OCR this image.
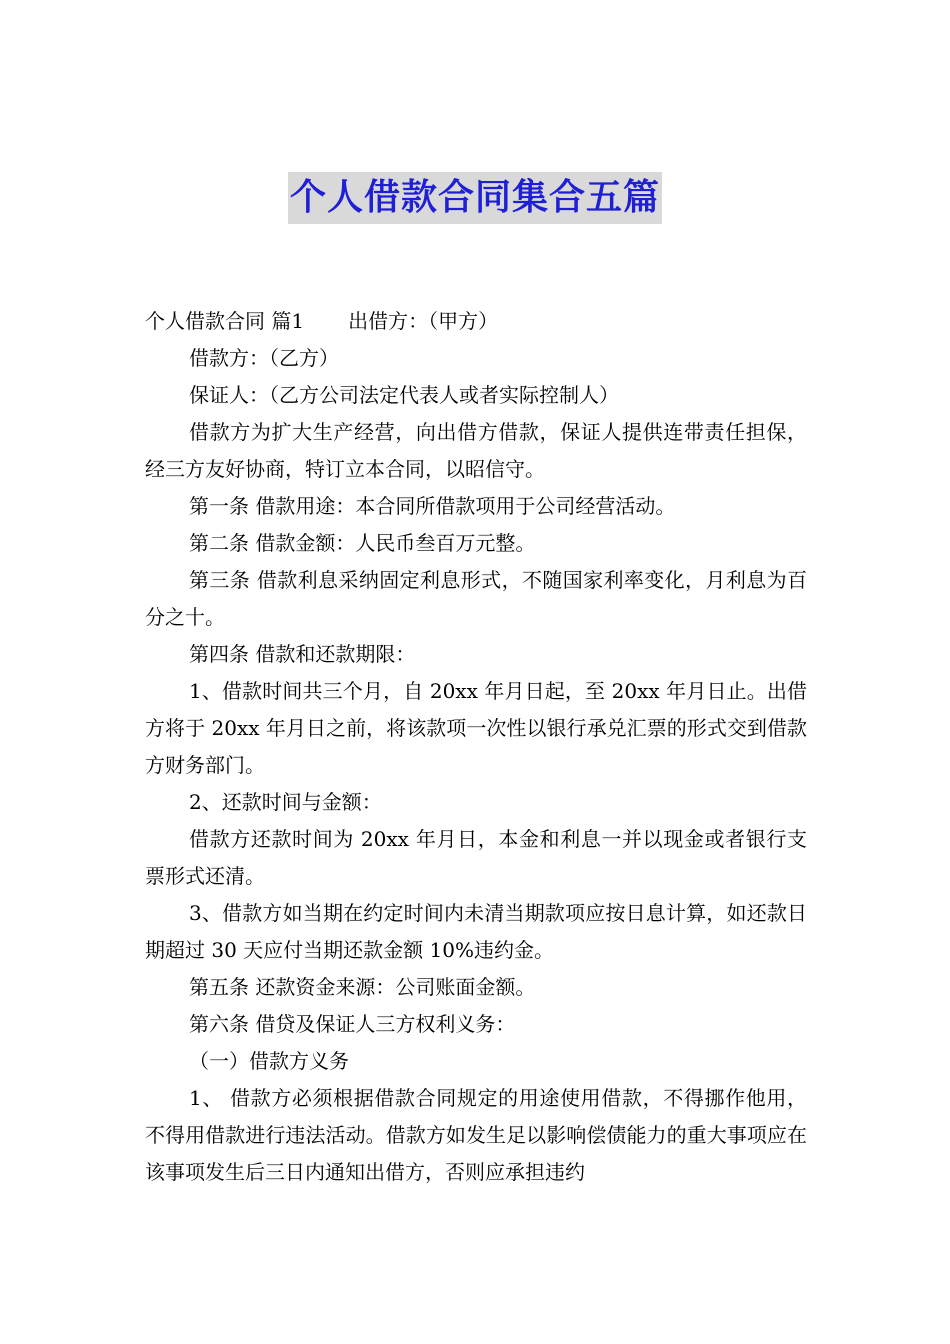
个人借款合同集合五篇

个人借款合同 篇1 出借方：（甲方）

借款方：（乙方）

保证人：（乙方公司法定代表人或者实际控制人）

借款方为扩大生产经营，向出借方借款，保证人提供连带责任担保，经三方友好协商，特订立本合同，以昭信守。

第一条 借款用途：本合同所借款项用于公司经营活动。

第二条 借款金额：人民币叁百万元整。

第三条 借款利息采纳固定利息形式，不随国家利率变化，月利息为百分之十。

第四条 借款和还款期限：

1、借款时间共三个月，自 20xx 年月日起，至 20xx 年月日止。出借方将于 20xx 年月日之前，将该款项一次性以银行承兑汇票的形式交到借款方财务部门。

2、还款时间与金额：

借款方还款时间为 20xx 年月日，本金和利息一并以现金或者银行支票形式还清。

3、借款方如当期在约定时间内未清当期款项应按日息计算，如还款日期超过 30 天应付当期还款金额 10%违约金。

第五条 还款资金来源：公司账面金额。

第六条 借贷及保证人三方权利义务：

（一）借款方义务

1、 借款方必须根据借款合同规定的用途使用借款，不得挪作他用，不得用借款进行违法活动。借款方如发生足以影响偿债能力的重大事项应在该事项发生后三日内通知出借方，否则应承担违约
